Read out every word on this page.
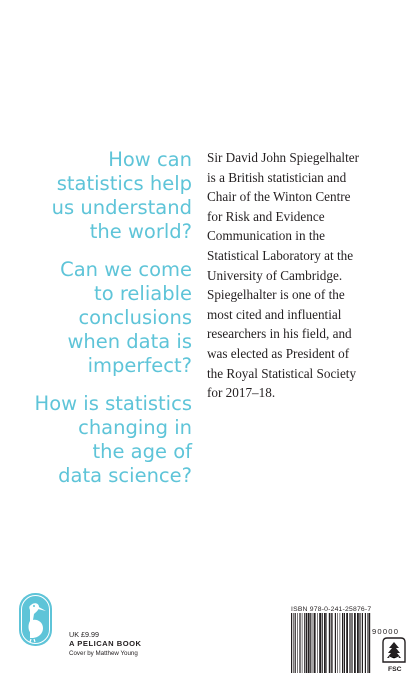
How can
statistics help
us understand
the world?
Can we come
to reliable
conclusions
when data is
imperfect?
How is statistics
changing in
the age of
data science?
Sir David John Spiegelhalter
is a British statistician and
Chair of the Winton Centre
for Risk and Evidence
Communication in the
Statistical Laboratory at the
University of Cambridge.
Spiegelhalter is one of the
most cited and influential
researchers in his field, and
was elected as President of
the Royal Statistical Society
for 2017–18.
UK £9.99
A PELICAN BOOK
Cover by Matthew Young
ISBN 978-0-241-25876-7
90000
FSC
